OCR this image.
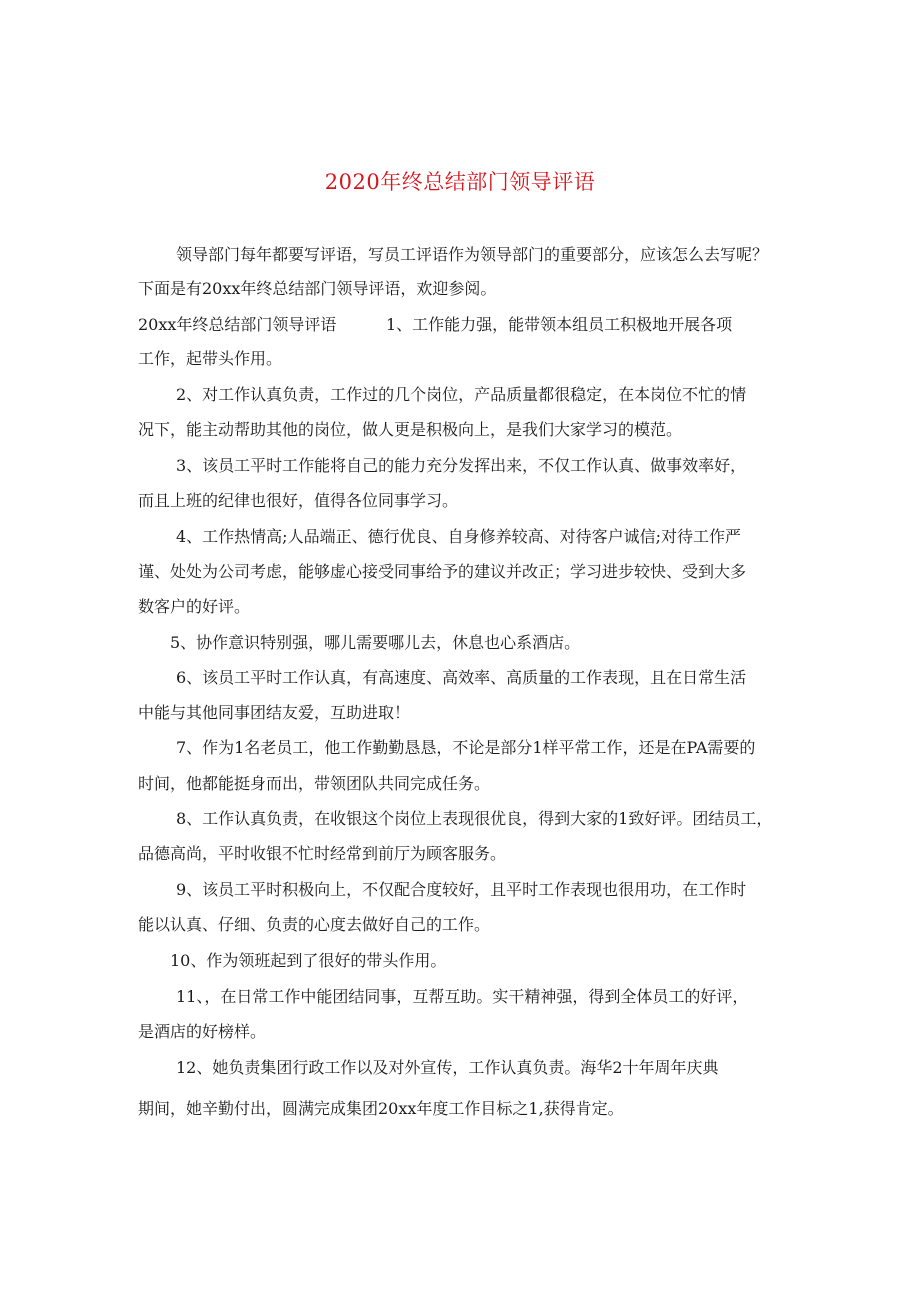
2020年终总结部门领导评语
领导部门每年都要写评语，写员工评语作为领导部门的重要部分，应该怎么去写呢？
下面是有20xx年终总结部门领导评语，欢迎参阅。
20xx年终总结部门领导评语	1、工作能力强，能带领本组员工积极地开展各项
工作，起带头作用。
2、对工作认真负责，工作过的几个岗位，产品质量都很稳定，在本岗位不忙的情
况下，能主动帮助其他的岗位，做人更是积极向上，是我们大家学习的模范。
3、该员工平时工作能将自己的能力充分发挥出来，不仅工作认真、做事效率好，
而且上班的纪律也很好，值得各位同事学习。
4、工作热情高;人品端正、德行优良、自身修养较高、对待客户诚信;对待工作严
谨、处处为公司考虑，能够虚心接受同事给予的建议并改正；学习进步较快、受到大多
数客户的好评。
5、协作意识特别强，哪儿需要哪儿去，休息也心系酒店。
6、该员工平时工作认真，有高速度、高效率、高质量的工作表现，且在日常生活
中能与其他同事团结友爱，互助进取！
7、作为1名老员工，他工作勤勤恳恳，不论是部分1样平常工作，还是在PA需要的
时间，他都能挺身而出，带领团队共同完成任务。
8、工作认真负责，在收银这个岗位上表现很优良，得到大家的1致好评。团结员工，
品德高尚，平时收银不忙时经常到前厅为顾客服务。
9、该员工平时积极向上，不仅配合度较好，且平时工作表现也很用功，在工作时
能以认真、仔细、负责的心度去做好自己的工作。
10、作为领班起到了很好的带头作用。
11、，在日常工作中能团结同事，互帮互助。实干精神强，得到全体员工的好评，
是酒店的好榜样。
12、她负责集团行政工作以及对外宣传，工作认真负责。海华2十年周年庆典
期间，她辛勤付出，圆满完成集团20xx年度工作目标之1,获得肯定。
